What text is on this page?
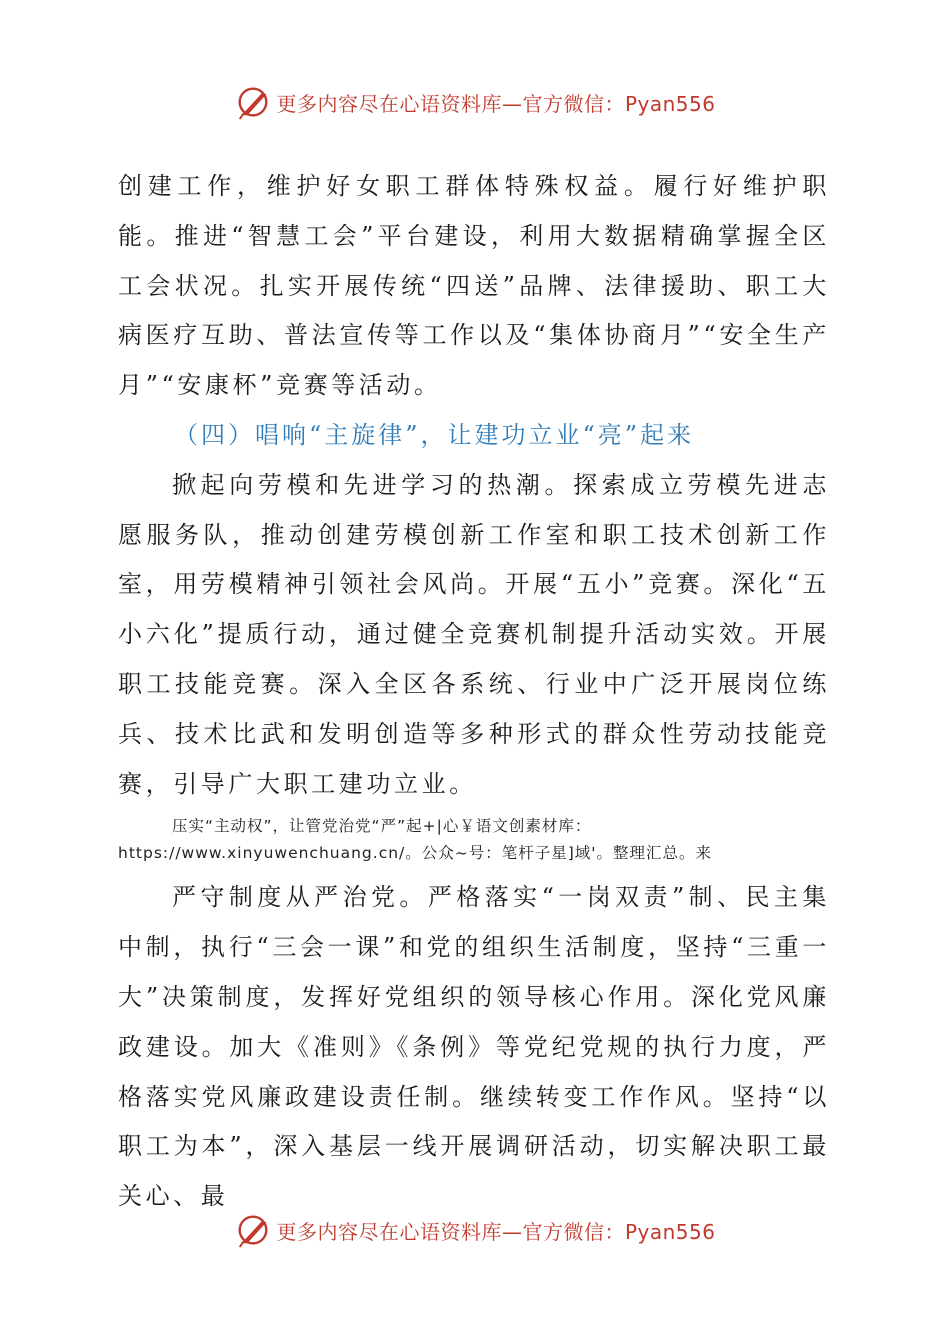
更多内容尽在心语资料库—官方微信：Pyan556

创建工作，维护好女职工群体特殊权益。履行好维护职能。推进“智慧工会”平台建设，利用大数据精确掌握全区工会状况。扎实开展传统“四送”品牌、法律援助、职工大病医疗互助、普法宣传等工作以及“集体协商月”“安全生产月”“安康杯”竞赛等活动。

（四）唱响“主旋律”，让建功立业“亮”起来

掀起向劳模和先进学习的热潮。探索成立劳模先进志愿服务队，推动创建劳模创新工作室和职工技术创新工作室，用劳模精神引领社会风尚。开展“五小”竞赛。深化“五小六化”提质行动，通过健全竞赛机制提升活动实效。开展职工技能竞赛。深入全区各系统、行业中广泛开展岗位练兵、技术比武和发明创造等多种形式的群众性劳动技能竞赛，引导广大职工建功立业。

压实“主动权”，让管党治党“严”起+|心￥语文创素材库：https://www.xinyuwenchuang.cn/。公众~号：笔杆子星]域'。整理汇总。来

严守制度从严治党。严格落实“一岗双责”制、民主集中制，执行“三会一课”和党的组织生活制度，坚持“三重一大”决策制度，发挥好党组织的领导核心作用。深化党风廉政建设。加大《准则》《条例》等党纪党规的执行力度，严格落实党风廉政建设责任制。继续转变工作作风。坚持“以职工为本”，深入基层一线开展调研活动，切实解决职工最关心、最

更多内容尽在心语资料库—官方微信：Pyan556
